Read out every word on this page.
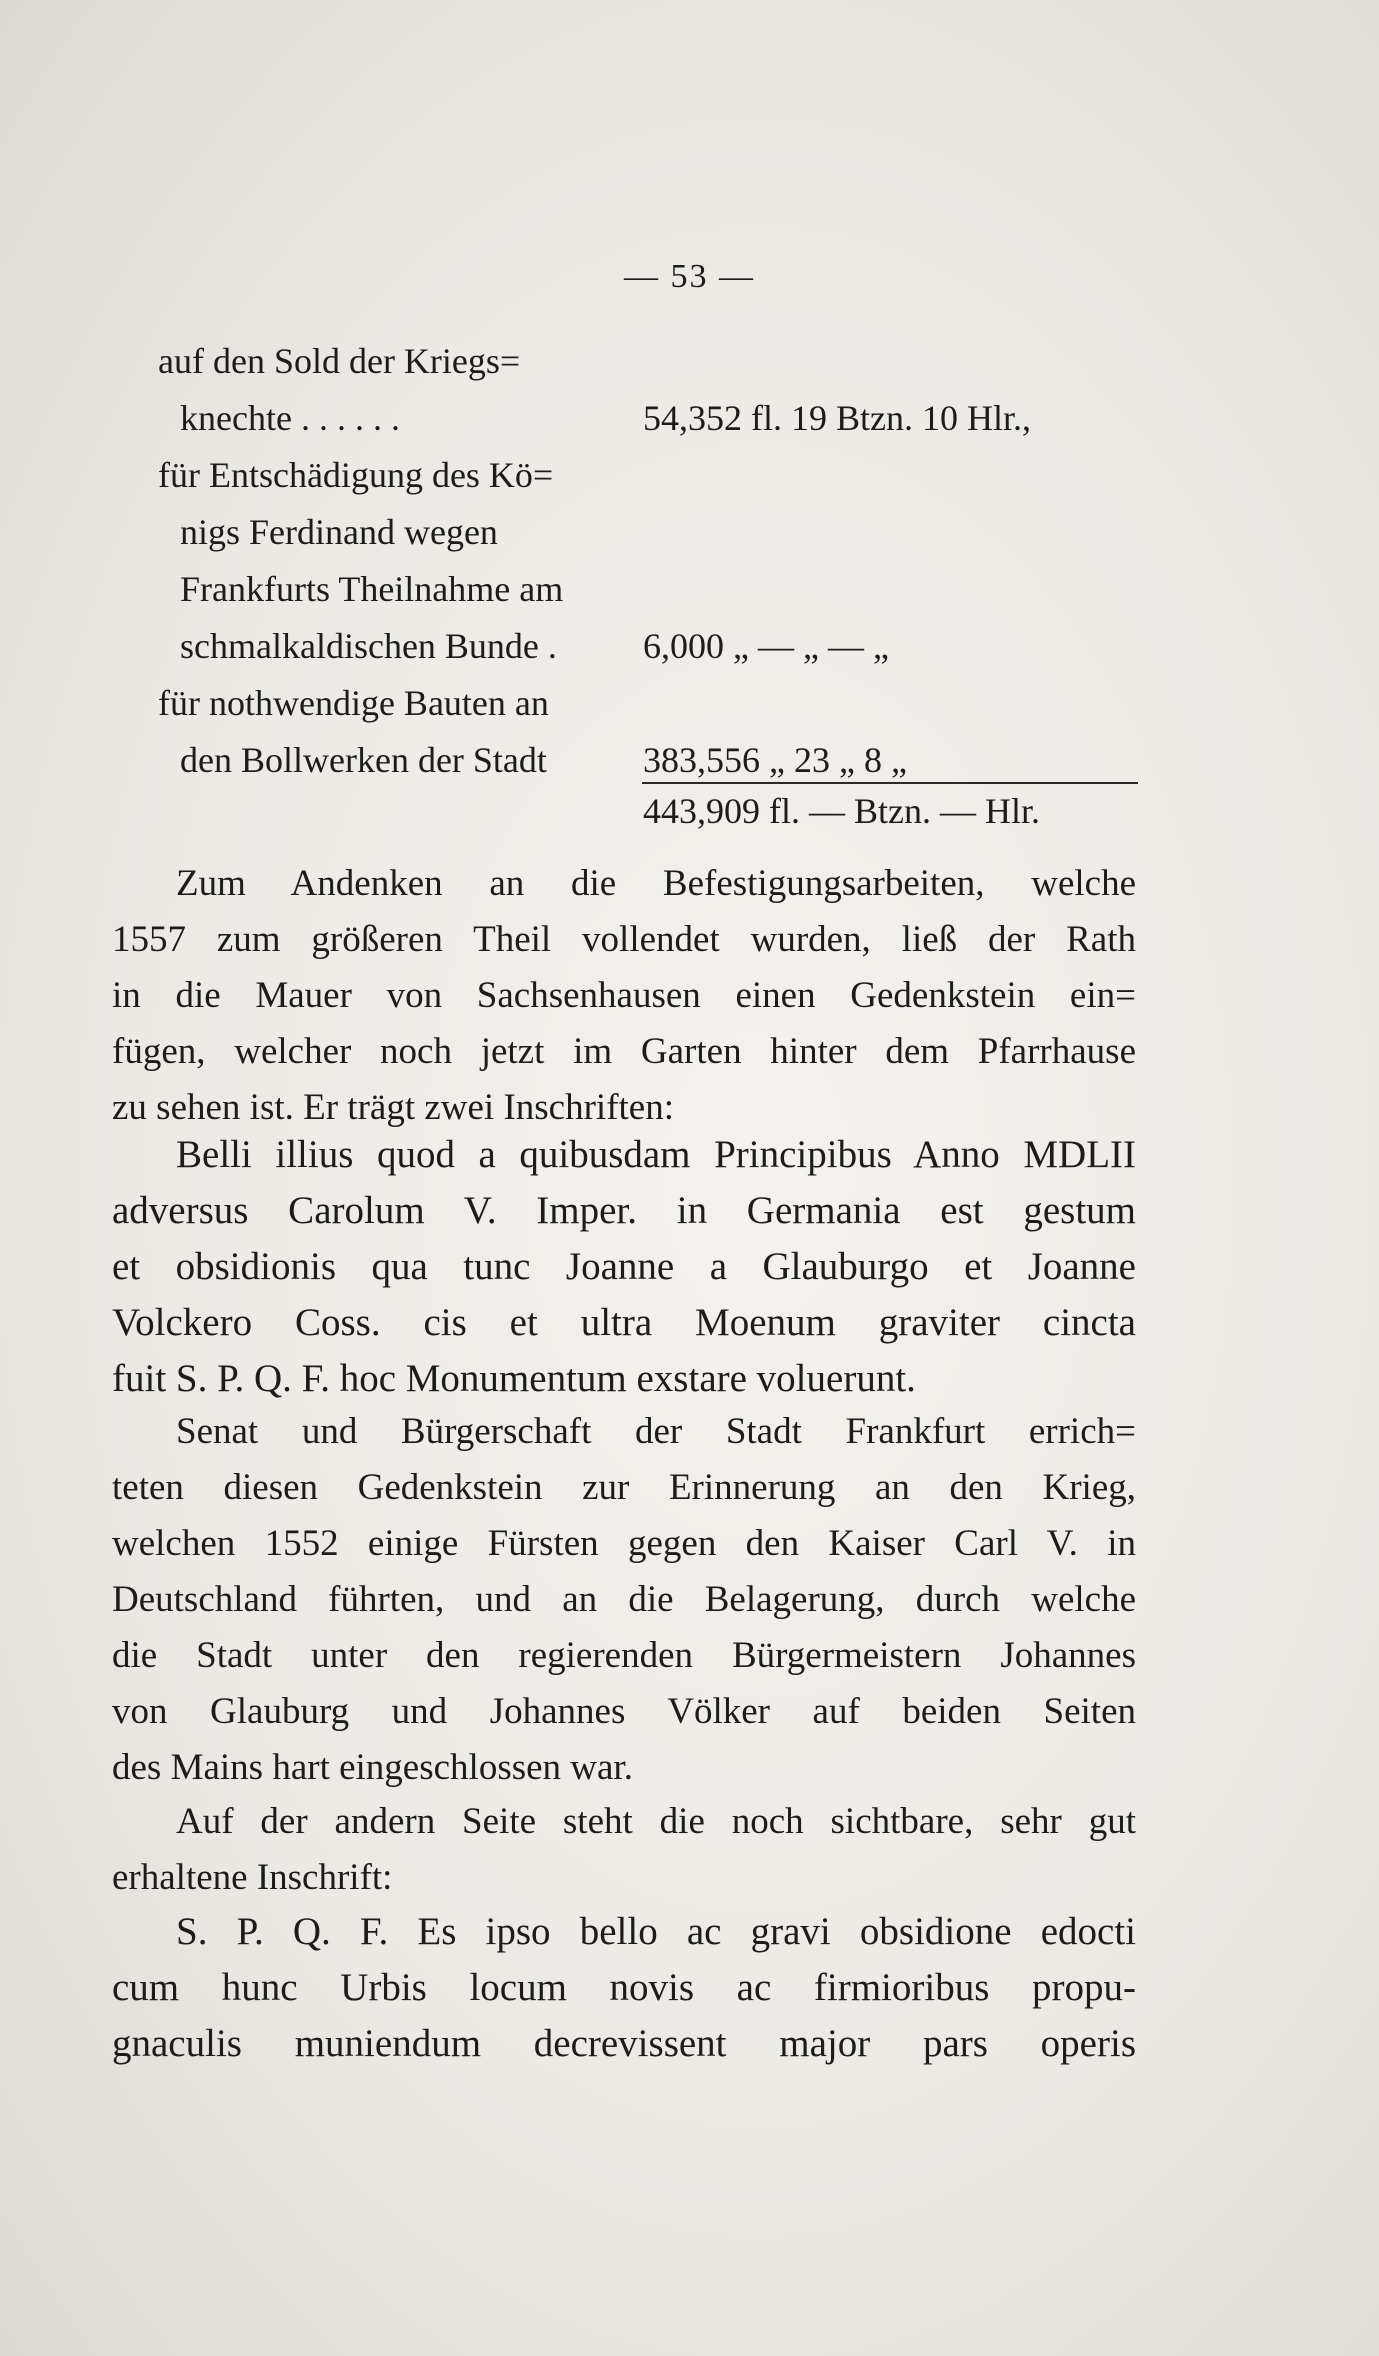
— 53 —
auf den Sold der Kriegs=
knechte . . . . . .	54,352 fl. 19 Btzn. 10 Hlr.,
für Entschädigung des Kö=
nigs Ferdinand wegen
Frankfurts Theilnahme am
schmalkaldischen Bunde . 6,000 „ — „ — „
für nothwendige Bauten an
den Bollwerken der Stadt	383,556 „ 23 „ 8 „
443,909 fl. — Btzn. — Hlr.
Zum Andenken an die Befestigungsarbeiten, welche
1557 zum größeren Theil vollendet wurden, ließ der Rath
in die Mauer von Sachsenhausen einen Gedenkstein ein=
fügen, welcher noch jetzt im Garten hinter dem Pfarrhause
zu sehen ist. Er trägt zwei Inschriften:
Belli illius quod a quibusdam Principibus Anno MDLII
adversus Carolum V. Imper. in Germania est gestum
et obsidionis qua tunc Joanne a Glauburgo et Joanne
Volckero Coss. cis et ultra Moenum graviter cincta
fuit S. P. Q. F. hoc Monumentum exstare voluerunt.
Senat und Bürgerschaft der Stadt Frankfurt errich=
teten diesen Gedenkstein zur Erinnerung an den Krieg,
welchen 1552 einige Fürsten gegen den Kaiser Carl V. in
Deutschland führten, und an die Belagerung, durch welche
die Stadt unter den regierenden Bürgermeistern Johannes
von Glauburg und Johannes Völker auf beiden Seiten
des Mains hart eingeschlossen war.
Auf der andern Seite steht die noch sichtbare, sehr gut
erhaltene Inschrift:
S. P. Q. F. Es ipso bello ac gravi obsidione edocti
cum hunc Urbis locum novis ac firmioribus propu-
gnaculis muniendum decrevissent major pars operis
